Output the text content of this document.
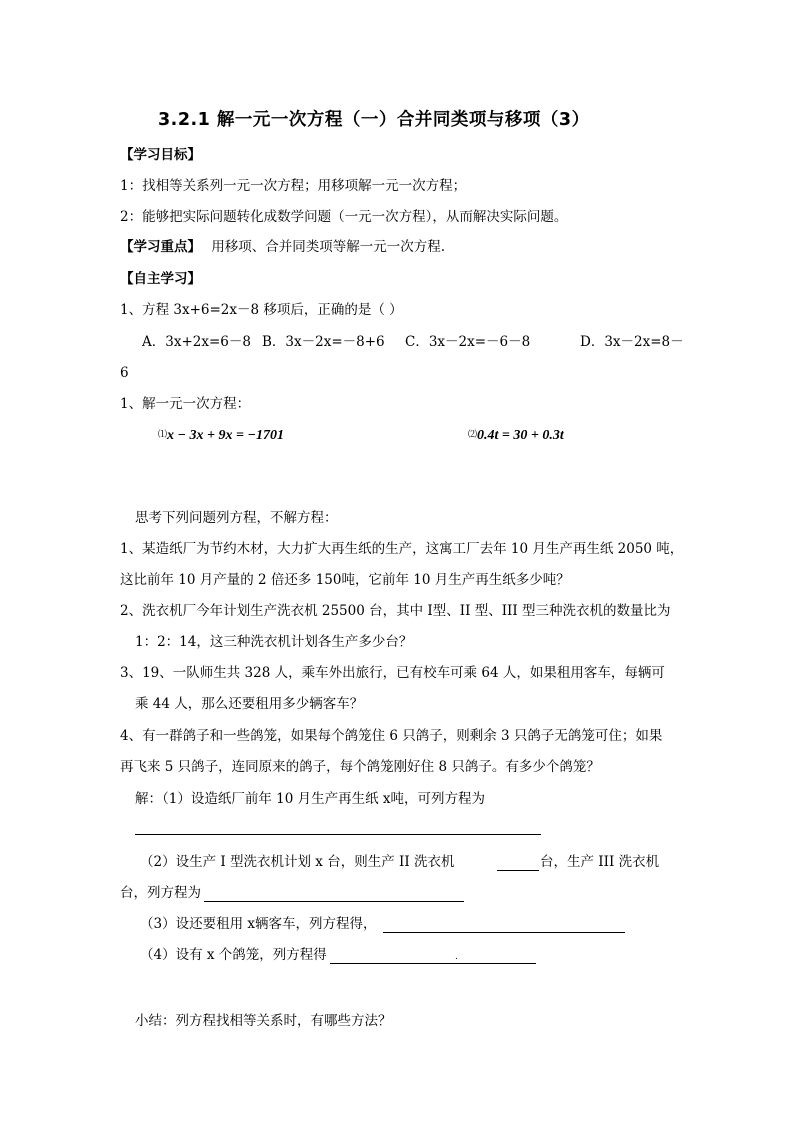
3.2.1 解一元一次方程（一）合并同类项与移项（3）
【学习目标】
1：找相等关系列一元一次方程；用移项解一元一次方程；
2：能够把实际问题转化成数学问题（一元一次方程），从而解决实际问题。
【学习重点】 用移项、合并同类项等解一元一次方程.
【自主学习】
1、方程 3x+6=2x－8 移项后，正确的是（ ）
A．3x+2x=6－8 B．3x－2x=－8+6 C．3x－2x=－6－8	D．3x－2x=8－
6
1、解一元一次方程：
⑴x − 3x + 9x = −1701	⑵0.4t = 30 + 0.3t
思考下列问题列方程，不解方程：
1、某造纸厂为节约木材，大力扩大再生纸的生产，这寓工厂去年 10 月生产再生纸 2050 吨，
这比前年 10 月产量的 2 倍还多 150吨，它前年 10 月生产再生纸多少吨？
2、洗衣机厂今年计划生产洗衣机 25500 台，其中 I型、II 型、III 型三种洗衣机的数量比为
1：2：14，这三种洗衣机计划各生产多少台？
3、19、一队师生共 328 人，乘车外出旅行，已有校车可乘 64 人，如果租用客车，每辆可
乘 44 人，那么还要租用多少辆客车？
4、有一群鸽子和一些鸽笼，如果每个鸽笼住 6 只鸽子，则剩余 3 只鸽子无鸽笼可住；如果
再飞来 5 只鸽子，连同原来的鸽子，每个鸽笼刚好住 8 只鸽子。有多少个鸽笼？
解：（1）设造纸厂前年 10 月生产再生纸 x吨，可列方程为
（2）设生产 I 型洗衣机计划 x 台，则生产 II 洗衣机	台，生产 III 洗衣机
台，列方程为
（3）设还要租用 x辆客车，列方程得，
（4）设有 x 个鸽笼，列方程得	.
小结：列方程找相等关系时，有哪些方法？
